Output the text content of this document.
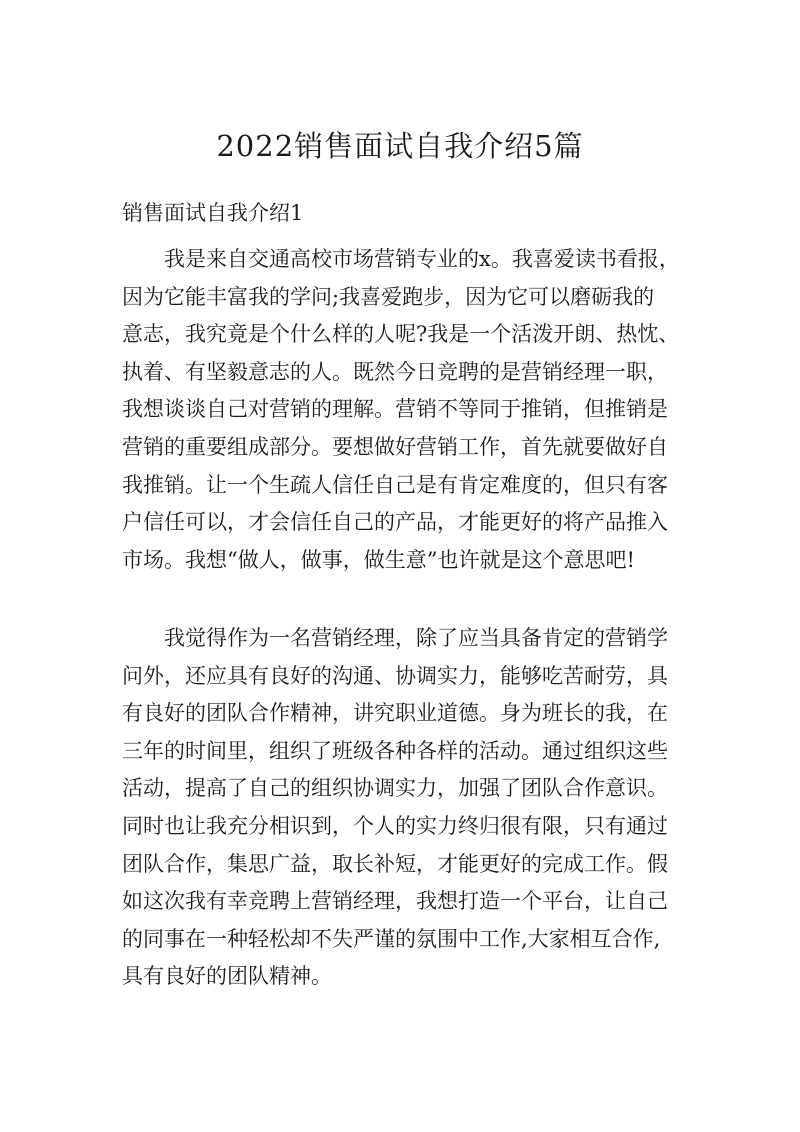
2022销售面试自我介绍5篇
销售面试自我介绍1

我是来自交通高校市场营销专业的x。我喜爱读书看报，
因为它能丰富我的学问;我喜爱跑步，因为它可以磨砺我的
意志，我究竟是个什么样的人呢?我是一个活泼开朗、热忱、
执着、有坚毅意志的人。既然今日竞聘的是营销经理一职，
我想谈谈自己对营销的理解。营销不等同于推销，但推销是
营销的重要组成部分。要想做好营销工作，首先就要做好自
我推销。让一个生疏人信任自己是有肯定难度的，但只有客
户信任可以，才会信任自己的产品，才能更好的将产品推入
市场。我想“做人，做事，做生意”也许就是这个意思吧!

我觉得作为一名营销经理，除了应当具备肯定的营销学
问外，还应具有良好的沟通、协调实力，能够吃苦耐劳，具
有良好的团队合作精神，讲究职业道德。身为班长的我，在
三年的时间里，组织了班级各种各样的活动。通过组织这些
活动，提高了自己的组织协调实力，加强了团队合作意识。
同时也让我充分相识到，个人的实力终归很有限，只有通过
团队合作，集思广益，取长补短，才能更好的完成工作。假
如这次我有幸竞聘上营销经理，我想打造一个平台，让自己
的同事在一种轻松却不失严谨的氛围中工作,大家相互合作,
具有良好的团队精神。
